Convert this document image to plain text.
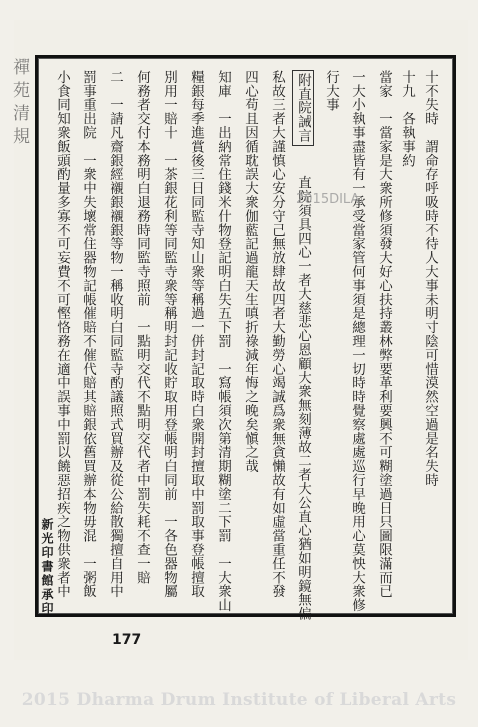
禪苑清規	十不失時　謂命存呼吸時不待人大事未明寸陰可惜漠然空過是名失時
十九　各執事約
當家　一當家是大衆所修須發大好心扶持叢林弊要革利要興不可糊塗過日只圖限滿而已
一大小執事盡皆有一承受當家管何事須是總理一切時時覺察處處巡行早晚用心莫怏大衆修
行大事
附直院誡言 　直院須具四心一者大慈悲心恩顧大衆無刻薄故二者大公直心猶如明鏡無偏
私故三者大謹慎心安分守己無放肆故四者大勤勞心竭誠爲衆無貪懶故有如虛當重任不發
四心苟且因循耽誤大衆伽藍記過龍天生嗔折祿減年悔之晚矣愼之哉
知庫　一出納常住錢米什物登記明白失五下罰　一寫帳須次第清期糊塗二下罰　一大衆山
糧銀每季進賞後三日同監寺知山衆等稱過一併封記取時白衆開封擅取中罰取事登帳擅取
別用一賠十　一茶銀花利等同監寺衆等稱明封記收貯取用登帳明白同前　一各色器物屬
何務者交付本務明白退務時同監寺照前　一點明交代不點明交代者中罰失耗不查一賠
二　一請凡齋銀經襯銀襯銀等物一稱收明白同監寺酌議照式買辦及從公給散獨擅自用中
罰事重出院　一衆中失壞常住器物記帳催賠不催代賠其賠銀依舊買辦本物毋混　一粥飯
小食同知衆飯頭酌量多寡不可妄費不可慳恪務在適中誤事中罰以饒惡招疾之物供衆者中
新光印書館承印
177
2015DILA
2015 Dharma Drum Institute of Liberal Arts
